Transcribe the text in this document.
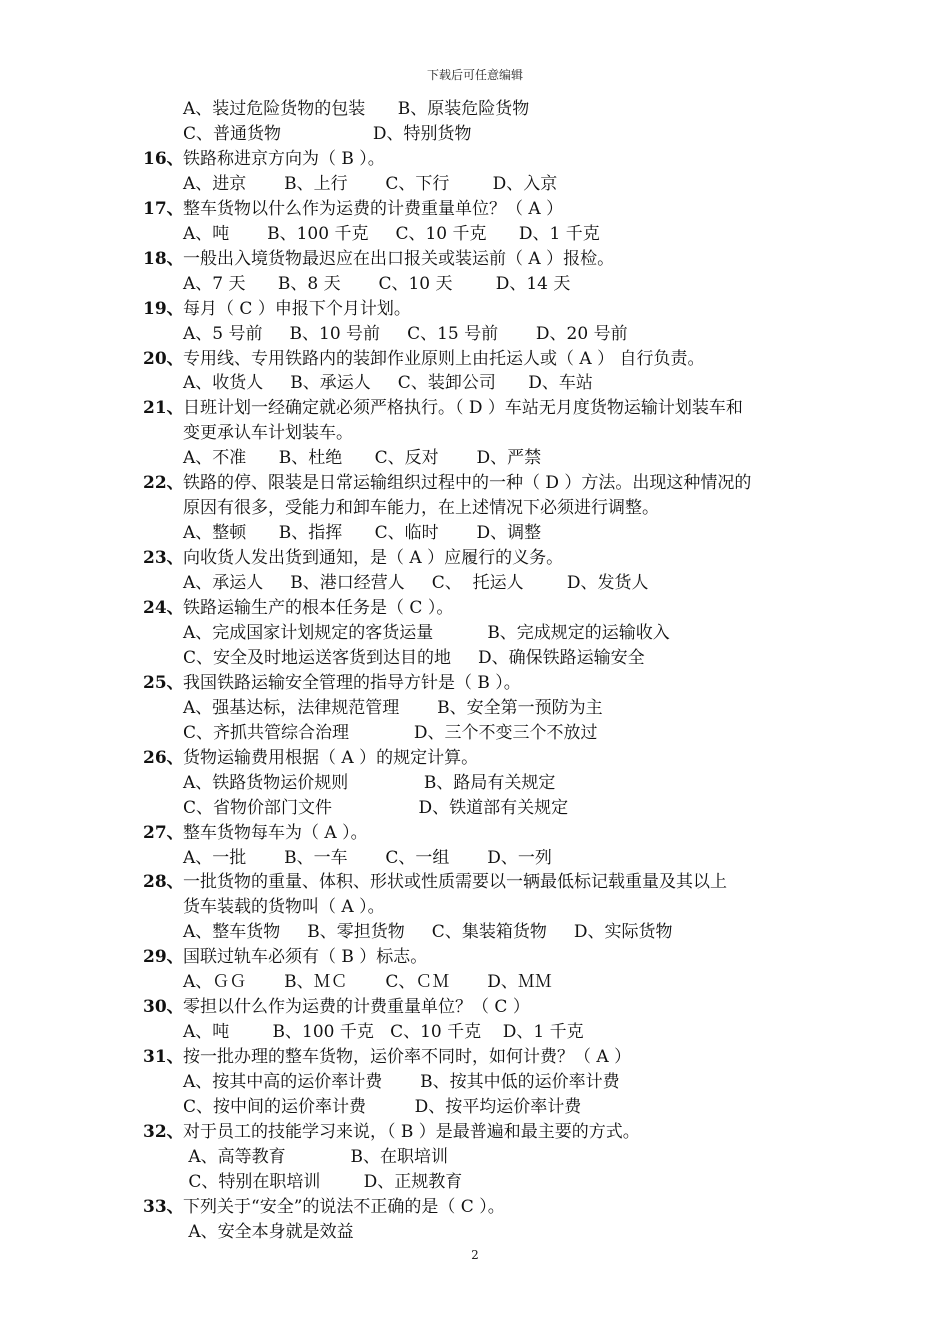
下载后可任意编辑
A、装过危险货物的包装      B、原装危险货物
C、普通货物                 D、特别货物
16、 铁路称进京方向为（ B ）。
A、进京       B、上行       C、下行        D、入京
17、 整车货物以什么作为运费的计费重量单位？（ A ）
A、吨       B、100 千克     C、10 千克      D、1 千克
18、 一般出入境货物最迟应在出口报关或装运前（ A ）报检。
A、7 天      B、8 天       C、10 天        D、14 天
19、 每月（ C ）申报下个月计划。
A、5 号前     B、10 号前     C、15 号前       D、20 号前
20、 专用线、专用铁路内的装卸作业原则上由托运人或（ A ） 自行负责。
A、收货人     B、承运人     C、装卸公司      D、车站
21、 日班计划一经确定就必须严格执行。（ D ）车站无月度货物运输计划装车和
变更承认车计划装车。
A、不准      B、杜绝      C、反对       D、严禁
22、 铁路的停、限装是日常运输组织过程中的一种（ D ）方法。出现这种情况的
原因有很多，受能力和卸车能力，在上述情况下必须进行调整。
A、整顿      B、指挥      C、临时       D、调整
23、 向收货人发出货到通知，是（ A ）应履行的义务。
A、承运人     B、港口经营人     C、  托运人        D、发货人
24、 铁路运输生产的根本任务是（ C ）。
A、完成国家计划规定的客货运量          B、完成规定的运输收入
C、安全及时地运送客货到达目的地     D、确保铁路运输安全
25、 我国铁路运输安全管理的指导方针是（ B ）。
A、强基达标，法律规范管理       B、安全第一预防为主
C、齐抓共管综合治理            D、三个不变三个不放过
26、 货物运输费用根据（ A ）的规定计算。
A、铁路货物运价规则              B、路局有关规定
C、省物价部门文件                D、铁道部有关规定
27、 整车货物每车为（ A ）。
A、一批       B、一车       C、一组       D、一列
28、 一批货物的重量、体积、形状或性质需要以一辆最低标记载重量及其以上
货车装载的货物叫（ A ）。
A、整车货物     B、零担货物     C、集装箱货物     D、实际货物
29、 国联过轨车必须有（ B ）标志。
A、ＧＧ       B、ＭＣ       C、ＣＭ       D、ＭＭ
30、 零担以什么作为运费的计费重量单位？（ C ）
A、吨        B、100 千克   C、10 千克    D、1 千克
31、 按一批办理的整车货物，运价率不同时，如何计费？（ A ）
A、按其中高的运价率计费       B、按其中低的运价率计费
C、按中间的运价率计费         D、按平均运价率计费
32、 对于员工的技能学习来说，（ B ）是最普遍和最主要的方式。
A、高等教育            B、在职培训
C、特别在职培训        D、正规教育
33、 下列关于“安全”的说法不正确的是（ C ）。
A、安全本身就是效益
2
